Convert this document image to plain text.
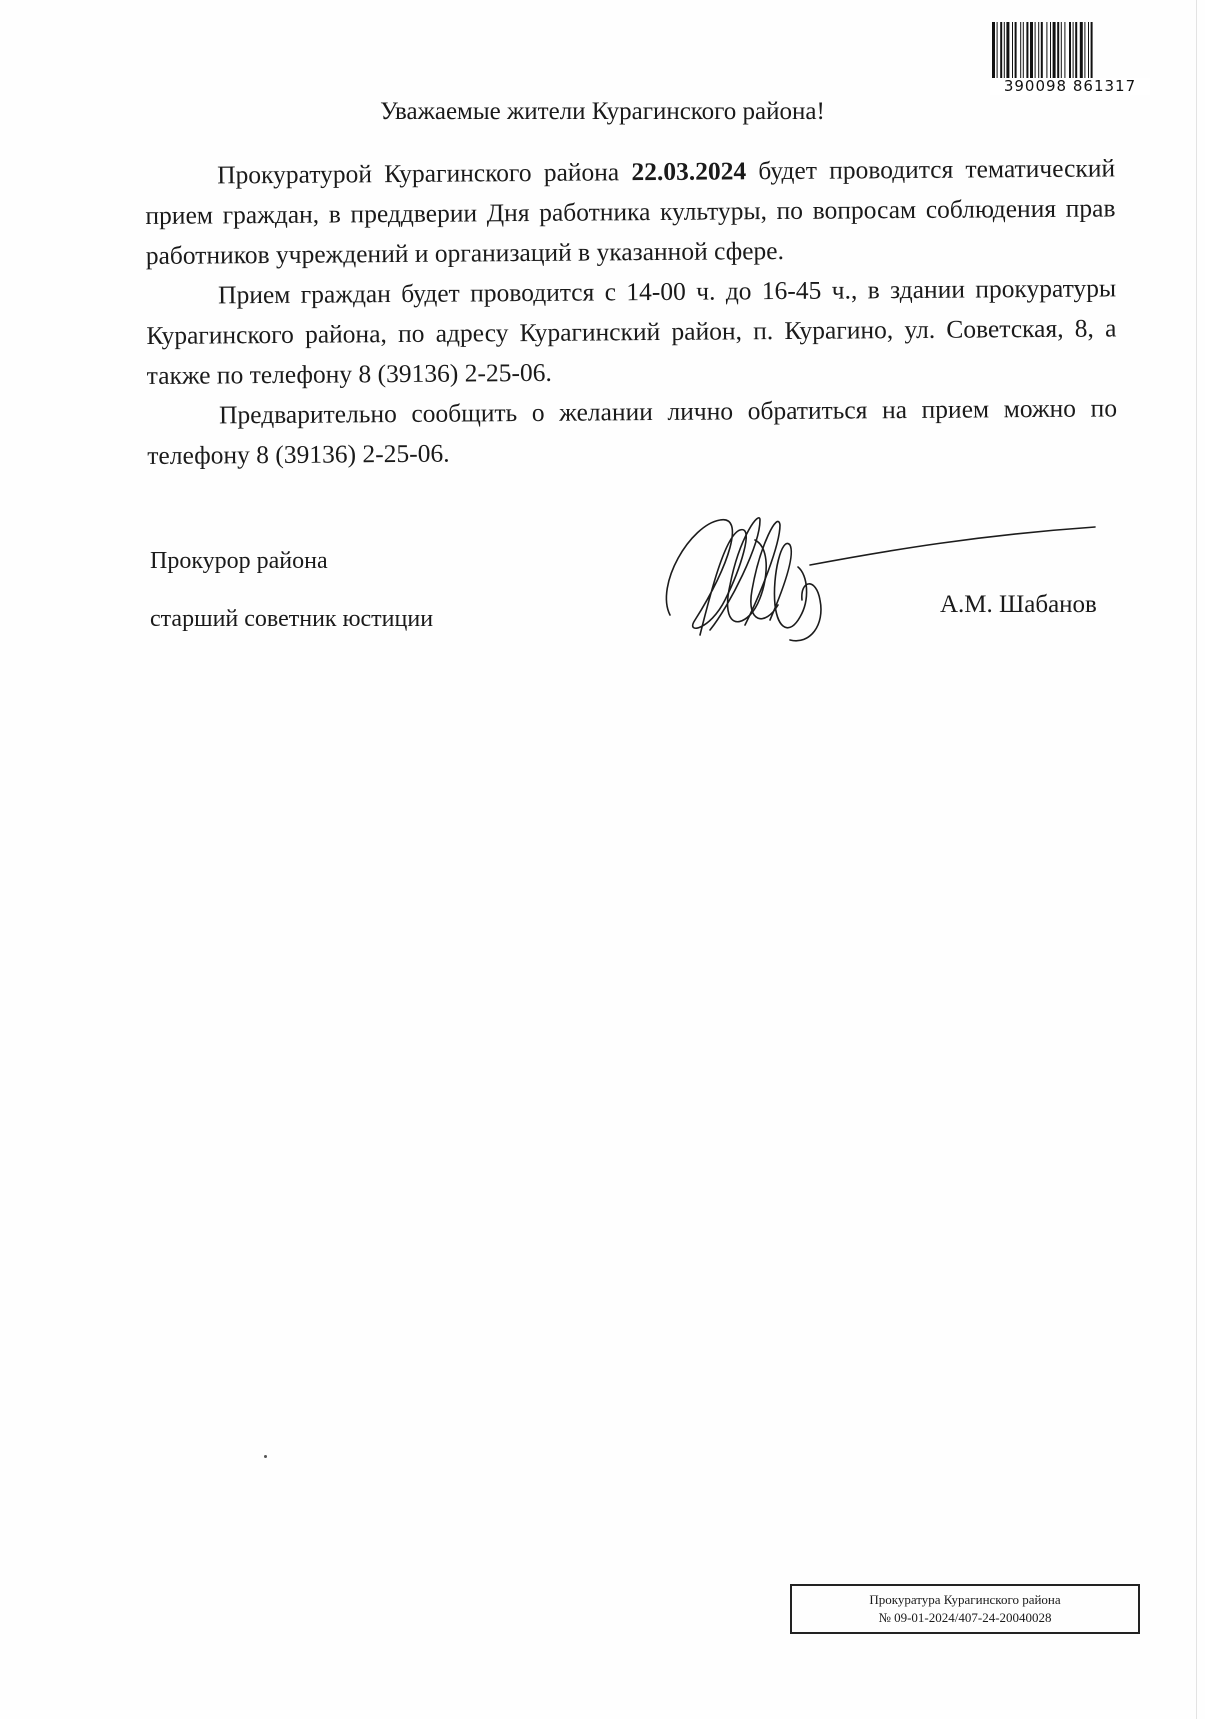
390098 861317
Уважаемые жители Курагинского района!

Прокуратурой Курагинского района 22.03.2024 будет проводится тематический прием граждан, в преддверии Дня работника культуры, по вопросам соблюдения прав работников учреждений и организаций в указанной сфере.

Прием граждан будет проводится с 14-00 ч. до 16-45 ч., в здании прокуратуры Курагинского района, по адресу Курагинский район, п. Курагино, ул. Советская, 8, а также по телефону 8 (39136) 2-25-06.

Предварительно сообщить о желании лично обратиться на прием можно по телефону 8 (39136) 2-25-06.

Прокурор района
старший советник юстиции
А.М. Шабанов
Прокуратура Курагинского района
№ 09-01-2024/407-24-20040028
